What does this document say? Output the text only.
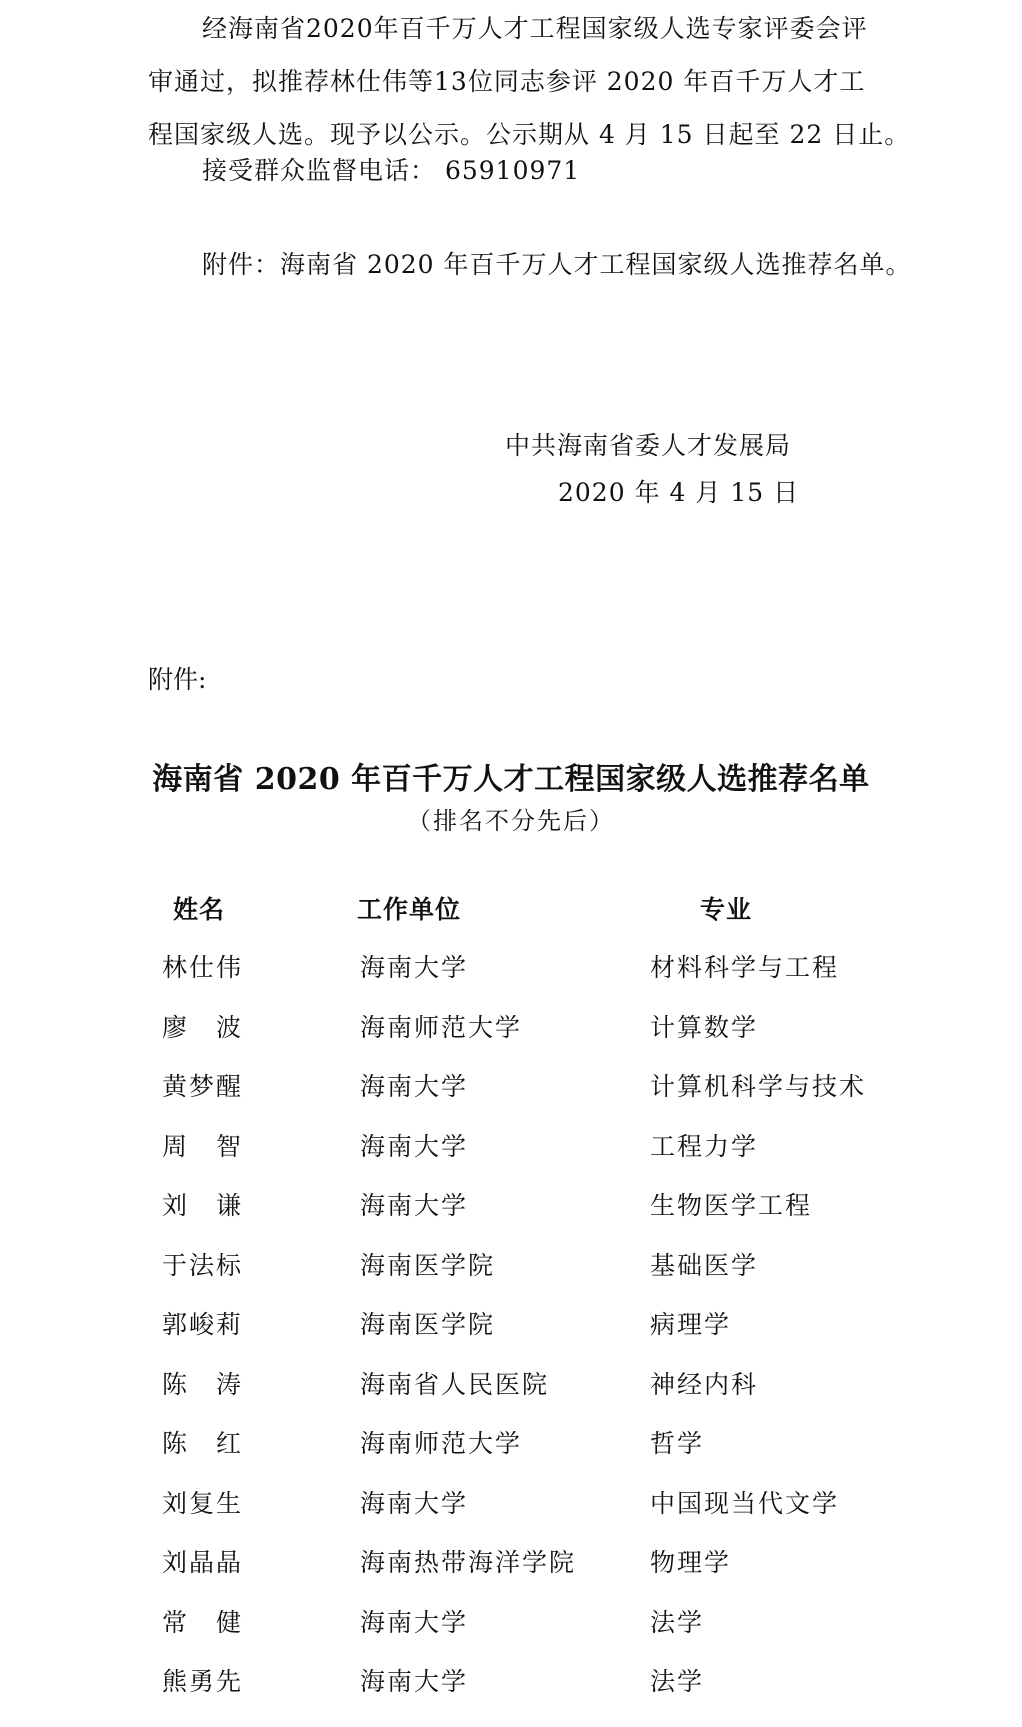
经海南省2020年百千万人才工程国家级人选专家评委会评
审通过，拟推荐林仕伟等13位同志参评 2020 年百千万人才工
程国家级人选。现予以公示。公示期从 4 月 15 日起至 22 日止。
接受群众监督电话： 65910971
附件：海南省 2020 年百千万人才工程国家级人选推荐名单。
中共海南省委人才发展局
2020 年 4 月 15 日
附件:
海南省 2020 年百千万人才工程国家级人选推荐名单
（排名不分先后）
姓名	工作单位	专业
林仕伟	海南大学	材料科学与工程
廖　波	海南师范大学	计算数学
黄梦醒	海南大学	计算机科学与技术
周　智	海南大学	工程力学
刘　谦	海南大学	生物医学工程
于法标	海南医学院	基础医学
郭峻莉	海南医学院	病理学
陈　涛	海南省人民医院	神经内科
陈　红	海南师范大学	哲学
刘复生	海南大学	中国现当代文学
刘晶晶	海南热带海洋学院	物理学
常　健	海南大学	法学
熊勇先	海南大学	法学
